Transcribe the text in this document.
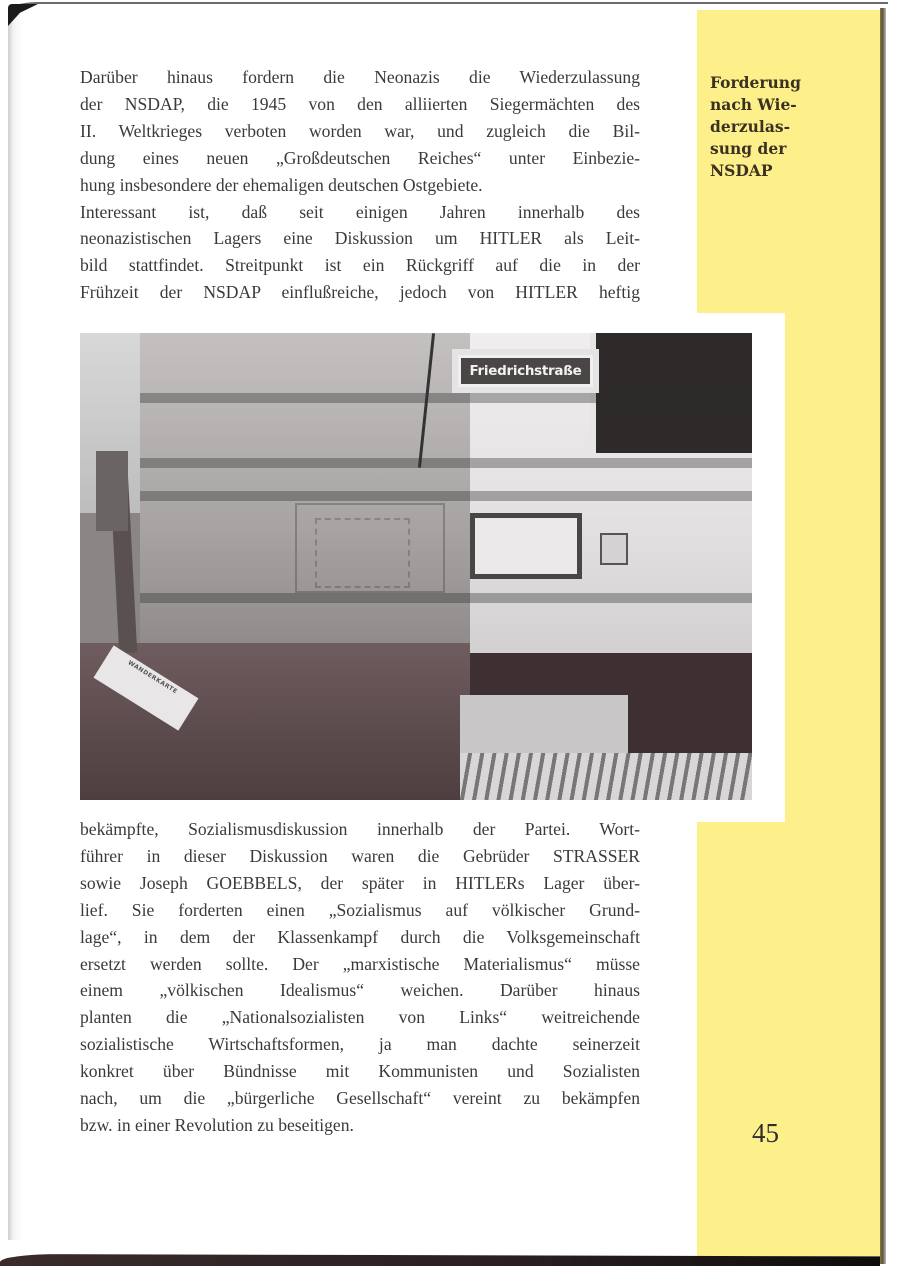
Forderung
nach Wie-
derzulas-
sung der
NSDAP
Darüber hinaus fordern die Neonazis die Wiederzulassung
der NSDAP, die 1945 von den alliierten Siegermächten des
II. Weltkrieges verboten worden war, und zugleich die Bil-
dung eines neuen „Großdeutschen Reiches“ unter Einbezie-
hung insbesondere der ehemaligen deutschen Ostgebiete.
Interessant ist, daß seit einigen Jahren innerhalb des
neonazistischen Lagers eine Diskussion um HITLER als Leit-
bild stattfindet. Streitpunkt ist ein Rückgriff auf die in der
Frühzeit der NSDAP einflußreiche, jedoch von HITLER heftig
Friedrichstraße
WANDERKARTE
bekämpfte, Sozialismusdiskussion innerhalb der Partei. Wort-
führer in dieser Diskussion waren die Gebrüder STRASSER
sowie Joseph GOEBBELS, der später in HITLERs Lager über-
lief. Sie forderten einen „Sozialismus auf völkischer Grund-
lage“, in dem der Klassenkampf durch die Volksgemeinschaft
ersetzt werden sollte. Der „marxistische Materialismus“ müsse
einem „völkischen Idealismus“ weichen. Darüber hinaus
planten die „Nationalsozialisten von Links“ weitreichende
sozialistische Wirtschaftsformen, ja man dachte seinerzeit
konkret über Bündnisse mit Kommunisten und Sozialisten
nach, um die „bürgerliche Gesellschaft“ vereint zu bekämpfen
bzw. in einer Revolution zu beseitigen.	45
